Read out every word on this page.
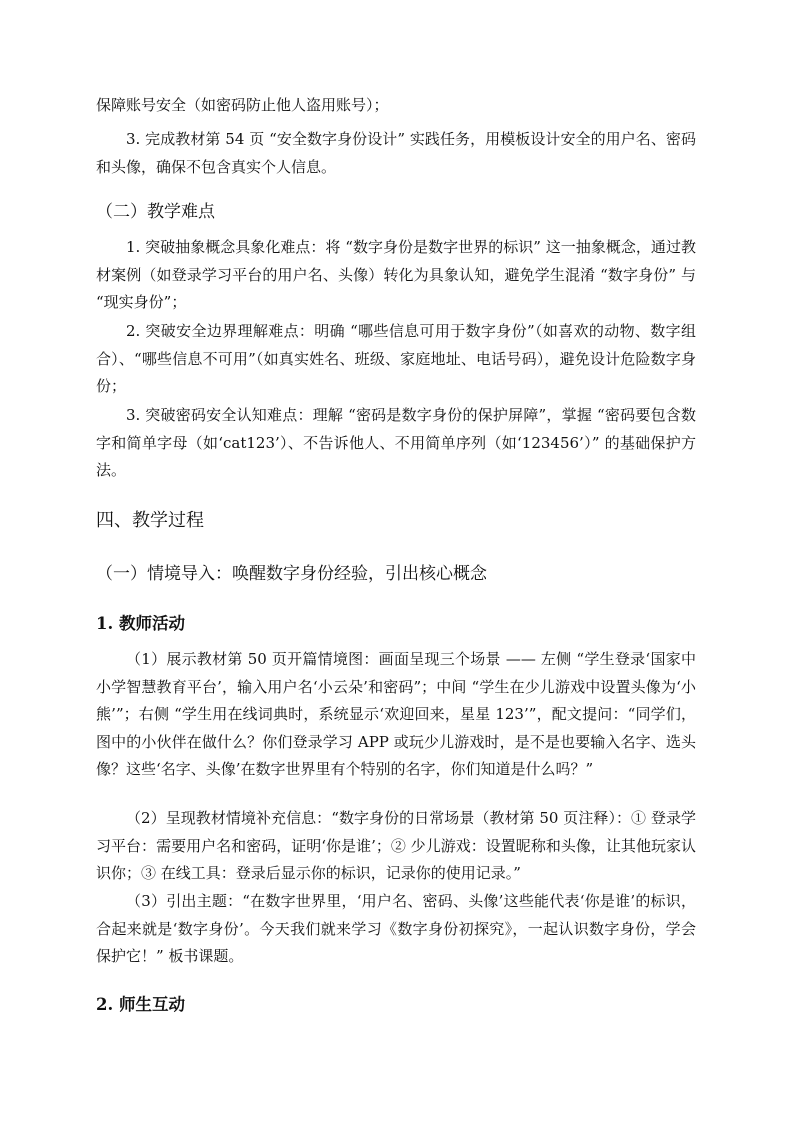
保障账号安全（如密码防止他人盗用账号）；

3. 完成教材第 54 页 “安全数字身份设计” 实践任务，用模板设计安全的用户名、密码和头像，确保不包含真实个人信息。

（二）教学难点

1. 突破抽象概念具象化难点：将 “数字身份是数字世界的标识” 这一抽象概念，通过教材案例（如登录学习平台的用户名、头像）转化为具象认知，避免学生混淆 “数字身份” 与 “现实身份”；

2. 突破安全边界理解难点：明确 “哪些信息可用于数字身份”（如喜欢的动物、数字组合）、“哪些信息不可用”（如真实姓名、班级、家庭地址、电话号码），避免设计危险数字身份；

3. 突破密码安全认知难点：理解 “密码是数字身份的保护屏障”，掌握 “密码要包含数字和简单字母（如‘cat123’）、不告诉他人、不用简单序列（如‘123456’）” 的基础保护方法。

四、教学过程
（一）情境导入：唤醒数字身份经验，引出核心概念
1. 教师活动

（1）展示教材第 50 页开篇情境图：画面呈现三个场景 —— 左侧 “学生登录‘国家中小学智慧教育平台’，输入用户名‘小云朵’和密码”；中间 “学生在少儿游戏中设置头像为‘小熊’”；右侧 “学生用在线词典时，系统显示‘欢迎回来，星星 123’”，配文提问：“同学们，图中的小伙伴在做什么？你们登录学习 APP 或玩少儿游戏时，是不是也要输入名字、选头像？这些‘名字、头像’在数字世界里有个特别的名字，你们知道是什么吗？”

（2）呈现教材情境补充信息：“数字身份的日常场景（教材第 50 页注释）：① 登录学习平台：需要用户名和密码，证明‘你是谁’；② 少儿游戏：设置昵称和头像，让其他玩家认识你；③ 在线工具：登录后显示你的标识，记录你的使用记录。”

（3）引出主题：“在数字世界里，‘用户名、密码、头像’这些能代表‘你是谁’的标识，合起来就是‘数字身份’。今天我们就来学习《数字身份初探究》，一起认识数字身份，学会保护它！” 板书课题。

2. 师生互动
